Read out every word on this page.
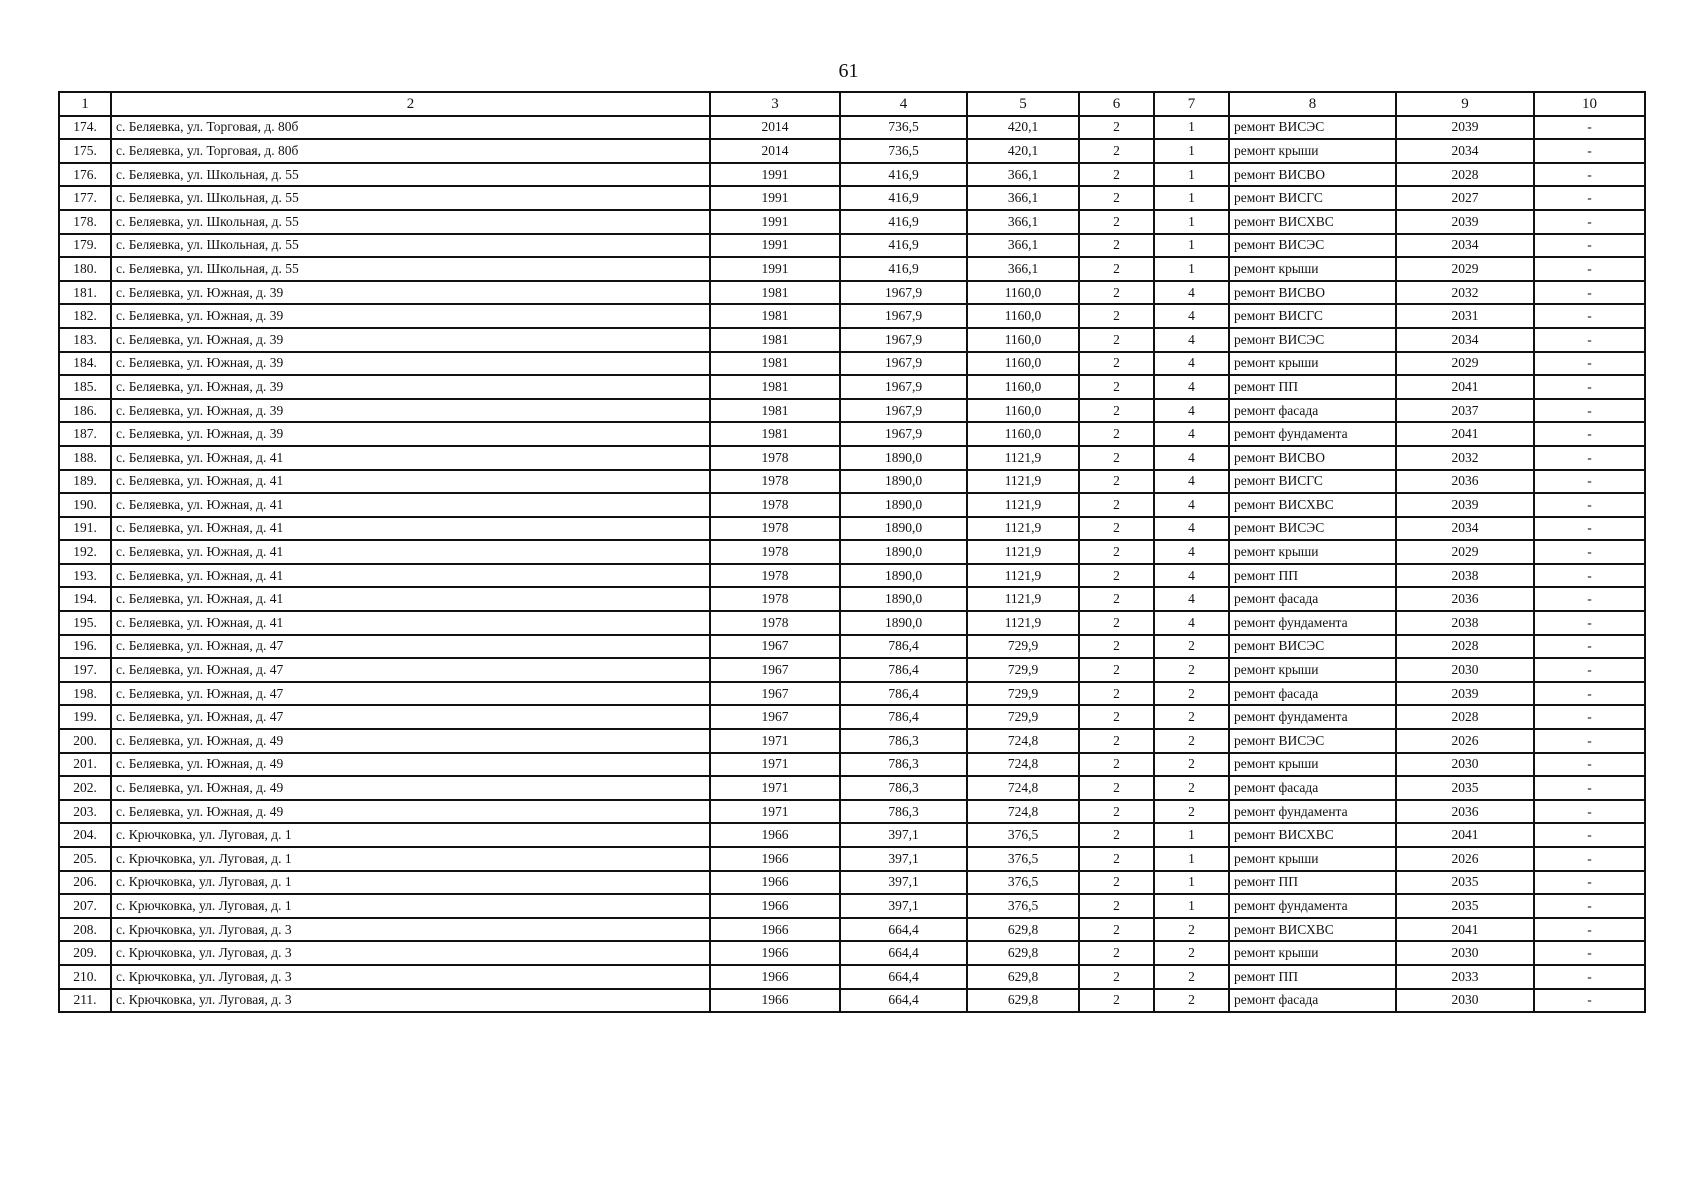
61
1	2	3	4	5	6	7	8	9	10
174.	с. Беляевка, ул. Торговая, д. 80б	2014	736,5	420,1	2	1	ремонт ВИСЭС	2039	-
175.	с. Беляевка, ул. Торговая, д. 80б	2014	736,5	420,1	2	1	ремонт крыши	2034	-
176.	с. Беляевка, ул. Школьная, д. 55	1991	416,9	366,1	2	1	ремонт ВИСВО	2028	-
177.	с. Беляевка, ул. Школьная, д. 55	1991	416,9	366,1	2	1	ремонт ВИСГС	2027	-
178.	с. Беляевка, ул. Школьная, д. 55	1991	416,9	366,1	2	1	ремонт ВИСХВС	2039	-
179.	с. Беляевка, ул. Школьная, д. 55	1991	416,9	366,1	2	1	ремонт ВИСЭС	2034	-
180.	с. Беляевка, ул. Школьная, д. 55	1991	416,9	366,1	2	1	ремонт крыши	2029	-
181.	с. Беляевка, ул. Южная, д. 39	1981	1967,9	1160,0	2	4	ремонт ВИСВО	2032	-
182.	с. Беляевка, ул. Южная, д. 39	1981	1967,9	1160,0	2	4	ремонт ВИСГС	2031	-
183.	с. Беляевка, ул. Южная, д. 39	1981	1967,9	1160,0	2	4	ремонт ВИСЭС	2034	-
184.	с. Беляевка, ул. Южная, д. 39	1981	1967,9	1160,0	2	4	ремонт крыши	2029	-
185.	с. Беляевка, ул. Южная, д. 39	1981	1967,9	1160,0	2	4	ремонт ПП	2041	-
186.	с. Беляевка, ул. Южная, д. 39	1981	1967,9	1160,0	2	4	ремонт фасада	2037	-
187.	с. Беляевка, ул. Южная, д. 39	1981	1967,9	1160,0	2	4	ремонт фундамента	2041	-
188.	с. Беляевка, ул. Южная, д. 41	1978	1890,0	1121,9	2	4	ремонт ВИСВО	2032	-
189.	с. Беляевка, ул. Южная, д. 41	1978	1890,0	1121,9	2	4	ремонт ВИСГС	2036	-
190.	с. Беляевка, ул. Южная, д. 41	1978	1890,0	1121,9	2	4	ремонт ВИСХВС	2039	-
191.	с. Беляевка, ул. Южная, д. 41	1978	1890,0	1121,9	2	4	ремонт ВИСЭС	2034	-
192.	с. Беляевка, ул. Южная, д. 41	1978	1890,0	1121,9	2	4	ремонт крыши	2029	-
193.	с. Беляевка, ул. Южная, д. 41	1978	1890,0	1121,9	2	4	ремонт ПП	2038	-
194.	с. Беляевка, ул. Южная, д. 41	1978	1890,0	1121,9	2	4	ремонт фасада	2036	-
195.	с. Беляевка, ул. Южная, д. 41	1978	1890,0	1121,9	2	4	ремонт фундамента	2038	-
196.	с. Беляевка, ул. Южная, д. 47	1967	786,4	729,9	2	2	ремонт ВИСЭС	2028	-
197.	с. Беляевка, ул. Южная, д. 47	1967	786,4	729,9	2	2	ремонт крыши	2030	-
198.	с. Беляевка, ул. Южная, д. 47	1967	786,4	729,9	2	2	ремонт фасада	2039	-
199.	с. Беляевка, ул. Южная, д. 47	1967	786,4	729,9	2	2	ремонт фундамента	2028	-
200.	с. Беляевка, ул. Южная, д. 49	1971	786,3	724,8	2	2	ремонт ВИСЭС	2026	-
201.	с. Беляевка, ул. Южная, д. 49	1971	786,3	724,8	2	2	ремонт крыши	2030	-
202.	с. Беляевка, ул. Южная, д. 49	1971	786,3	724,8	2	2	ремонт фасада	2035	-
203.	с. Беляевка, ул. Южная, д. 49	1971	786,3	724,8	2	2	ремонт фундамента	2036	-
204.	с. Крючковка, ул. Луговая, д. 1	1966	397,1	376,5	2	1	ремонт ВИСХВС	2041	-
205.	с. Крючковка, ул. Луговая, д. 1	1966	397,1	376,5	2	1	ремонт крыши	2026	-
206.	с. Крючковка, ул. Луговая, д. 1	1966	397,1	376,5	2	1	ремонт ПП	2035	-
207.	с. Крючковка, ул. Луговая, д. 1	1966	397,1	376,5	2	1	ремонт фундамента	2035	-
208.	с. Крючковка, ул. Луговая, д. 3	1966	664,4	629,8	2	2	ремонт ВИСХВС	2041	-
209.	с. Крючковка, ул. Луговая, д. 3	1966	664,4	629,8	2	2	ремонт крыши	2030	-
210.	с. Крючковка, ул. Луговая, д. 3	1966	664,4	629,8	2	2	ремонт ПП	2033	-
211.	с. Крючковка, ул. Луговая, д. 3	1966	664,4	629,8	2	2	ремонт фасада	2030	-
